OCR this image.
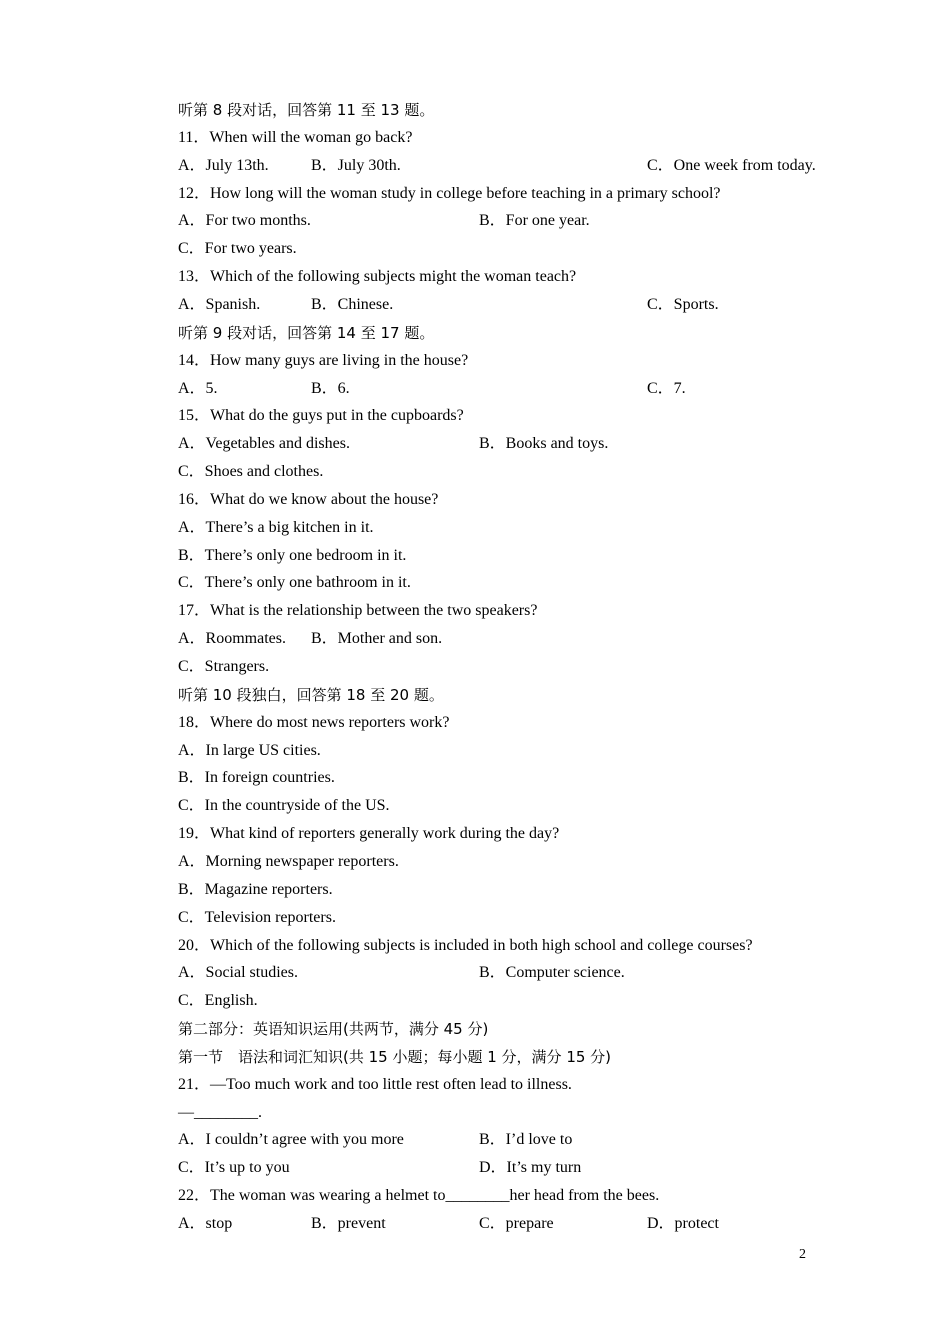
听第 8 段对话，回答第 11 至 13 题。
11．When will the woman go back?
A．July 13th.	B．July 30th.	C．One week from today.
12．How long will the woman study in college before teaching in a primary school?
A．For two months.	B．For one year.
C．For two years.
13．Which of the following subjects might the woman teach?
A．Spanish.	B．Chinese.	C．Sports.
听第 9 段对话，回答第 14 至 17 题。
14．How many guys are living in the house?
A．5.	B．6.	C．7.
15．What do the guys put in the cupboards?
A．Vegetables and dishes.	B．Books and toys.
C．Shoes and clothes.
16．What do we know about the house?
A．There’s a big kitchen in it.
B．There’s only one bedroom in it.
C．There’s only one bathroom in it.
17．What is the relationship between the two speakers?
A．Roommates. B．Mother and son.
C．Strangers.
听第 10 段独白，回答第 18 至 20 题。
18．Where do most news reporters work?
A．In large US cities.
B．In foreign countries.
C．In the countryside of the US.
19．What kind of reporters generally work during the day?
A．Morning newspaper reporters.
B．Magazine reporters.
C．Television reporters.
20．Which of the following subjects is included in both high school and college courses?
A．Social studies.	B．Computer science.
C．English.
第二部分：英语知识运用(共两节，满分 45 分)
第一节　语法和词汇知识(共 15 小题；每小题 1 分，满分 15 分)
21．—Too much work and too little rest often lead to illness.
—________.
A．I couldn’t agree with you more	B．I’d love to
C．It’s up to you	D．It’s my turn
22．The woman was wearing a helmet to________her head from the bees.
A．stop	B．prevent	C．prepare	D．protect
2
